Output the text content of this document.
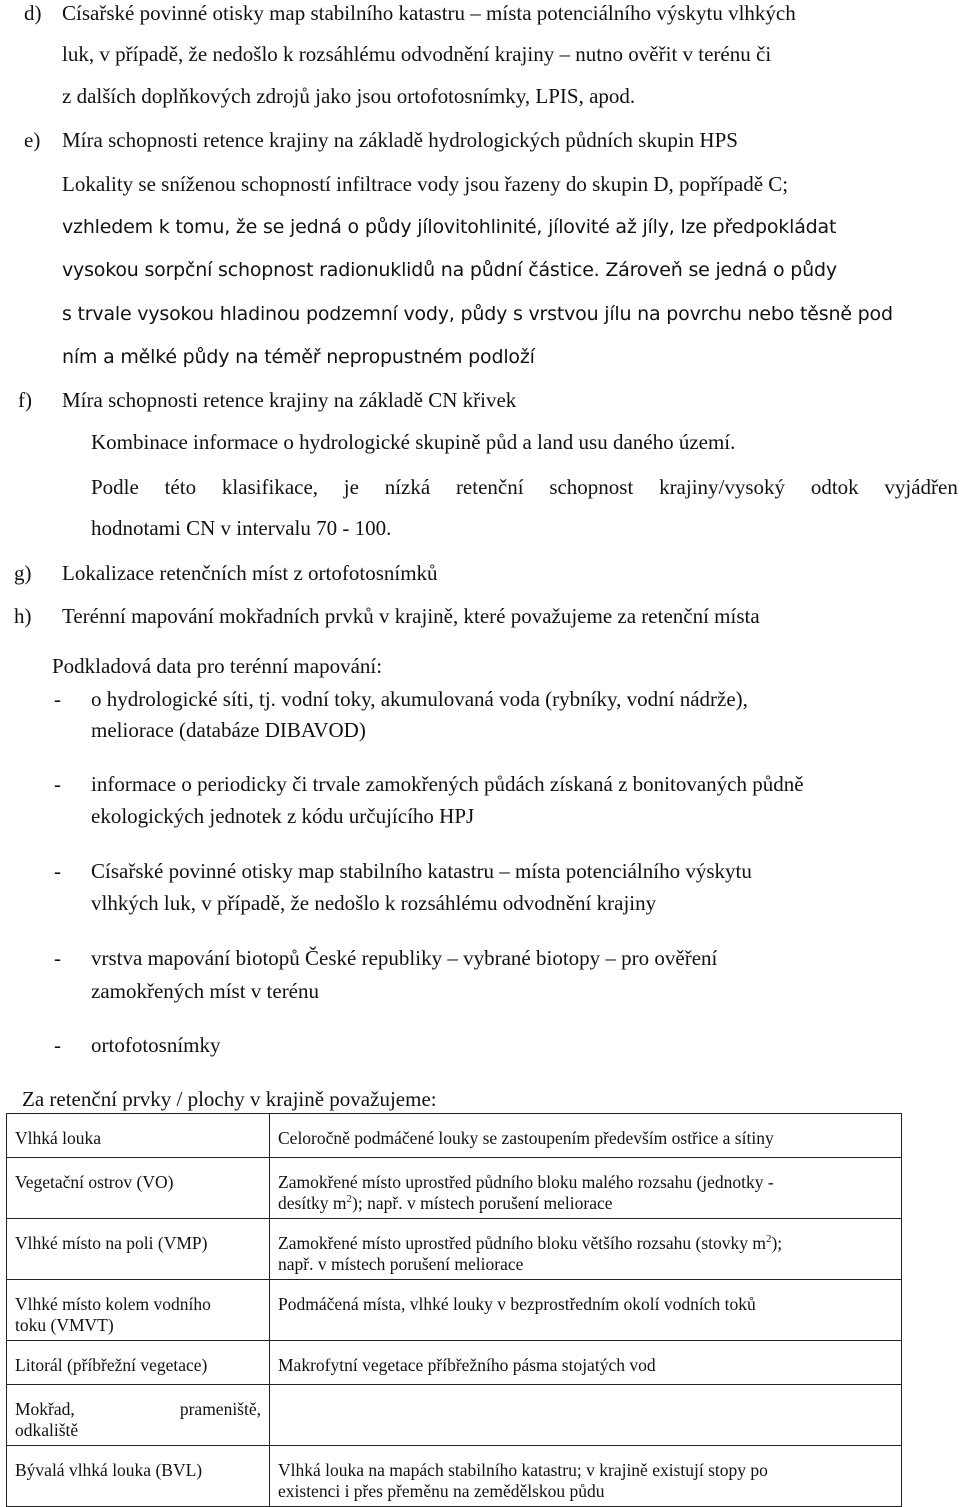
d) Císařské povinné otisky map stabilního katastru – místa potenciálního výskytu vlhkých
luk, v případě, že nedošlo k rozsáhlému odvodnění krajiny – nutno ověřit v terénu či
z dalších doplňkových zdrojů jako jsou ortofotosnímky, LPIS, apod.
e) Míra schopnosti retence krajiny na základě hydrologických půdních skupin HPS
Lokality se sníženou schopností infiltrace vody jsou řazeny do skupin D, popřípadě C;
vzhledem k tomu, že se jedná o půdy jílovitohlinité, jílovité až jíly, lze předpokládat
vysokou sorpční schopnost radionuklidů na půdní částice. Zároveň se jedná o půdy
s trvale vysokou hladinou podzemní vody, půdy s vrstvou jílu na povrchu nebo těsně pod
ním a mělké půdy na téměř nepropustném podloží
f) Míra schopnosti retence krajiny na základě CN křivek
Kombinace informace o hydrologické skupině půd a land usu daného území.
Podle této klasifikace, je nízká retenční schopnost krajiny/vysoký odtok vyjádřen
hodnotami CN v intervalu 70 - 100.
g) Lokalizace retenčních míst z ortofotosnímků
h) Terénní mapování mokřadních prvků v krajině, které považujeme za retenční místa
Podkladová data pro terénní mapování:
- o hydrologické síti, tj. vodní toky, akumulovaná voda (rybníky, vodní nádrže),
meliorace (databáze DIBAVOD)
- informace o periodicky či trvale zamokřených půdách získaná z bonitovaných půdně
ekologických jednotek z kódu určujícího HPJ
- Císařské povinné otisky map stabilního katastru – místa potenciálního výskytu
vlhkých luk, v případě, že nedošlo k rozsáhlému odvodnění krajiny
- vrstva mapování biotopů České republiky – vybrané biotopy – pro ověření
zamokřených míst v terénu
- ortofotosnímky
Za retenční prvky / plochy v krajině považujeme:
Vlhká louka	Celoročně podmáčené louky se zastoupením především ostřice a sítiny
Vegetační ostrov (VO)	Zamokřené místo uprostřed půdního bloku malého rozsahu (jednotky -
desítky $m^2$); např. v místech porušení meliorace

Vlhké místo na poli (VMP)	Zamokřené místo uprostřed půdního bloku většího rozsahu (stovky $m^2$);
např. v místech porušení meliorace

Vlhké místo kolem vodního
toku (VMVT)	Podmáčená místa, vlhké louky v bezprostředním okolí vodních toků
Litorál (příbřežní vegetace)	Makrofytní vegetace příbřežního pásma stojatých vod

Mokřad, prameniště,
odkaliště	

Bývalá vlhká louka (BVL)	Vlhká louka na mapách stabilního katastru; v krajině existují stopy po
existenci i přes přeměnu na zemědělskou půdu
